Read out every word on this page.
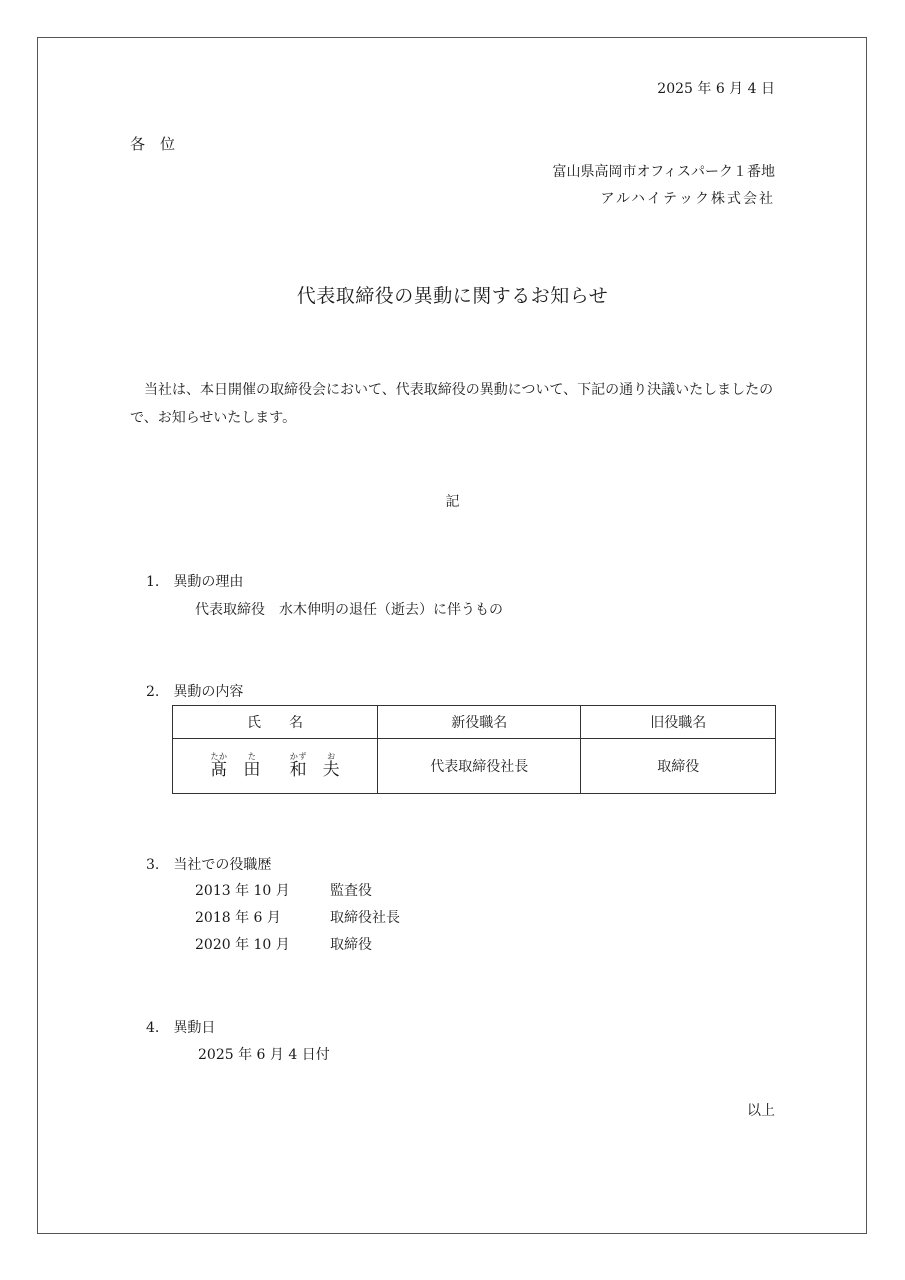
2025 年 6 月 4 日
各　位
富山県高岡市オフィスパーク１番地
アルハイテック株式会社
代表取締役の異動に関するお知らせ
当社は、本日開催の取締役会において、代表取締役の異動について、下記の通り決議いたしましたので、お知らせいたします。
記
1.　異動の理由
代表取締役　水木伸明の退任（逝去）に伴うもの
2.　異動の内容
氏　　名	新役職名	旧役職名
髙たか田た   和かず夫お	代表取締役社長	取締役
3.　当社での役職歴
2013 年 10 月	監査役
2018 年 6 月	取締役社長
2020 年 10 月	取締役
4.　異動日
2025 年 6 月 4 日付
以上
